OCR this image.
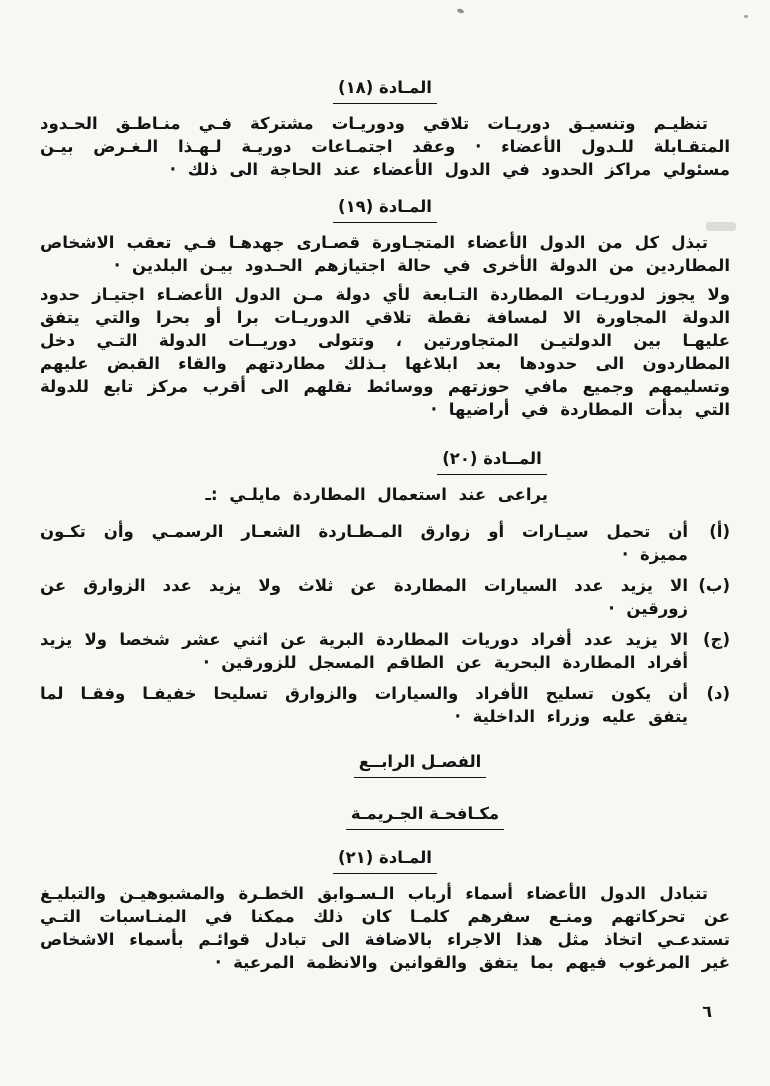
المـادة (١٨)

تنظيـم وتنسيـق دوريـات تلاقي ودوريـات مشتركة فـي منـاطـق الحـدود المتقـابلة للـدول الأعضاء · وعقد اجتمـاعات دوريـة لـهـذا الـغـرض بيـن مسئولي مراكز الحدود في الدول الأعضاء عند الحاجة الى ذلك ·

المـادة (١٩)

تبذل كل من الدول الأعضاء المتجـاورة قصـارى جهدهـا فـي تعقب الاشخاص المطاردين من الدولة الأخرى في حالة اجتيازهم الحـدود بيـن البلدين ·

ولا يجوز لدوريـات المطاردة التـابعة لأي دولة مـن الدول الأعضـاء اجتيـاز حدود الدولة المجاورة الا لمسافة نقطة تلاقي الدوريـات برا أو بحرا والتي يتفق عليهـا بين الدولتيـن المتجاورتين ، وتتولى دوريــات الدولة التـي دخل المطاردون الى حدودها بعد ابلاغها بـذلك مطاردتهم والقاء القبض عليهم وتسليمهم وجميع مافي حوزتهم ووسائط نقلهم الى أقرب مركز تابع للدولة التي بدأت المطاردة في أراضيها ·

المــادة (٢٠)

يراعى عند استعمال المطاردة مايلـي :ـ

(أ)
أن تحمل سيـارات أو زوارق المـطـاردة الشعـار الرسمـي وأن تكـون مميزة ·
(ب)
الا يزيد عدد السيارات المطاردة عن ثلاث ولا يزيد عدد الزوارق عن زورقين ·
(ج)
الا يزيد عدد أفراد دوريات المطاردة البرية عن اثني عشر شخصا ولا يزيد أفراد المطاردة البحرية عن الطاقم المسجل للزورقين ·
(د)
أن يكون تسليح الأفراد والسيارات والزوارق تسليحا خفيفـا وفقـا لما يتفق عليه وزراء الداخلية ·
الفصـل الرابــع
مكـافحـة الجـريمـة
المـادة (٢١)

تتبادل الدول الأعضاء أسماء أرباب الـسـوابق الخطـرة والمشبوهيـن والتبليـغ عن تحركاتهم ومنـع سفرهم كلمـا كان ذلك ممكنا في المنـاسبات التـي تستدعـي اتخاذ مثل هذا الاجراء بالاضافة الى تبادل قوائـم بأسماء الاشخاص غير المرغوب فيهم بما يتفق والقوانين والانظمة المرعية ·

٦
